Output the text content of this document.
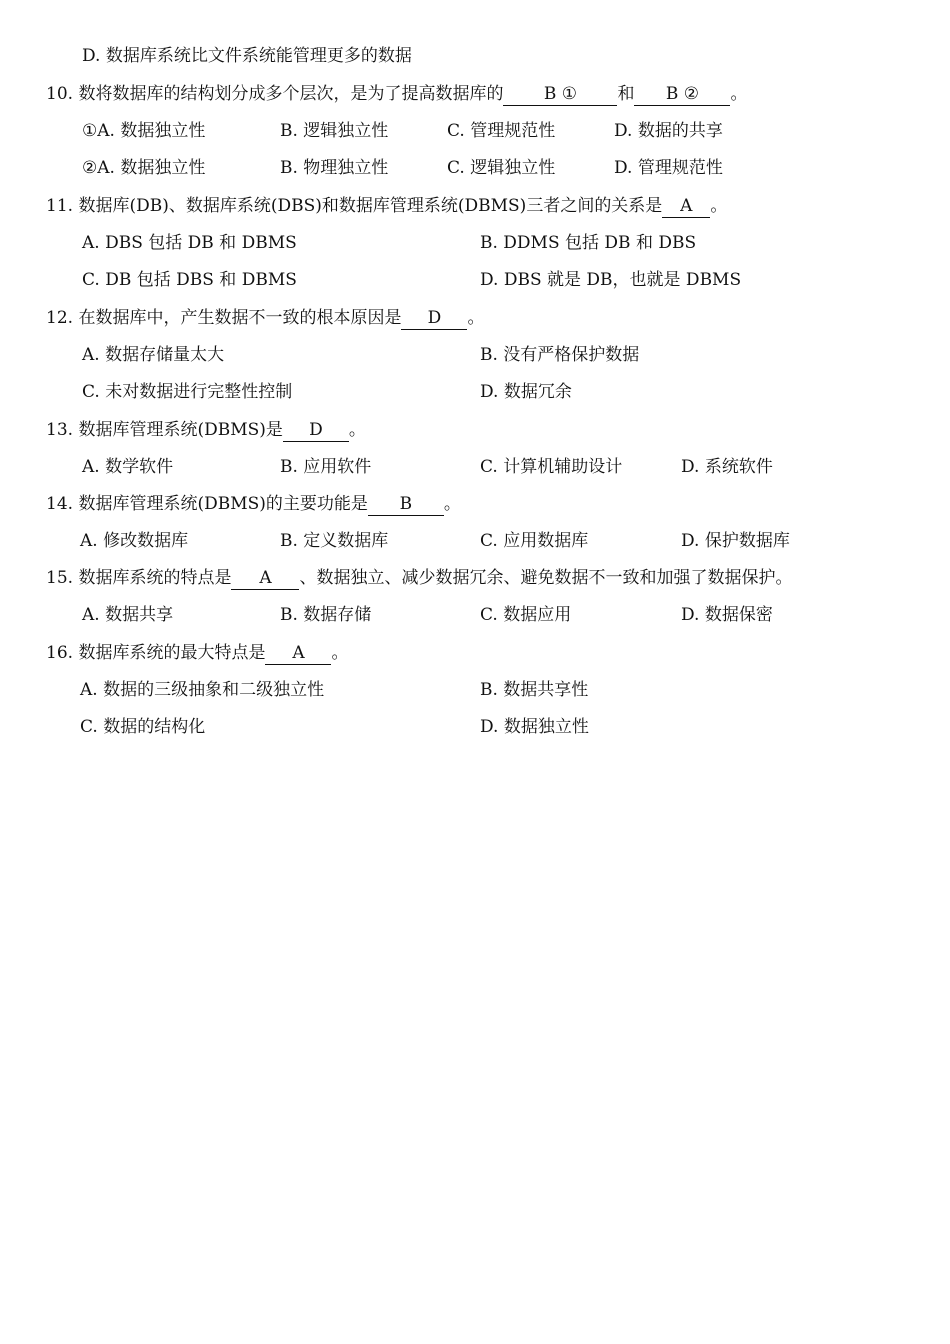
D. 数据库系统比文件系统能管理更多的数据
10. 数将数据库的结构划分成多个层次，是为了提高数据库的 B ① 和 B ② 。
①A. 数据独立性	B. 逻辑独立性	C. 管理规范性	D. 数据的共享
②A. 数据独立性	B. 物理独立性	C. 逻辑独立性	D. 管理规范性
11. 数据库(DB)、数据库系统(DBS)和数据库管理系统(DBMS)三者之间的关系是 A 。
A. DBS 包括 DB 和 DBMS	B. DDMS 包括 DB 和 DBS
C. DB 包括 DBS 和 DBMS	D. DBS 就是 DB，也就是 DBMS
12. 在数据库中，产生数据不一致的根本原因是 D 。
A. 数据存储量太大	B. 没有严格保护数据
C. 未对数据进行完整性控制	D. 数据冗余
13. 数据库管理系统(DBMS)是 D 。
A. 数学软件	B. 应用软件	C. 计算机辅助设计	D. 系统软件
14. 数据库管理系统(DBMS)的主要功能是 B 。
A. 修改数据库	B. 定义数据库	C. 应用数据库	D. 保护数据库
15. 数据库系统的特点是 A 、数据独立、减少数据冗余、避免数据不一致和加强了数据保护。
A. 数据共享	B. 数据存储	C. 数据应用	D. 数据保密
16. 数据库系统的最大特点是 A 。
A. 数据的三级抽象和二级独立性	B. 数据共享性
C. 数据的结构化	D. 数据独立性
